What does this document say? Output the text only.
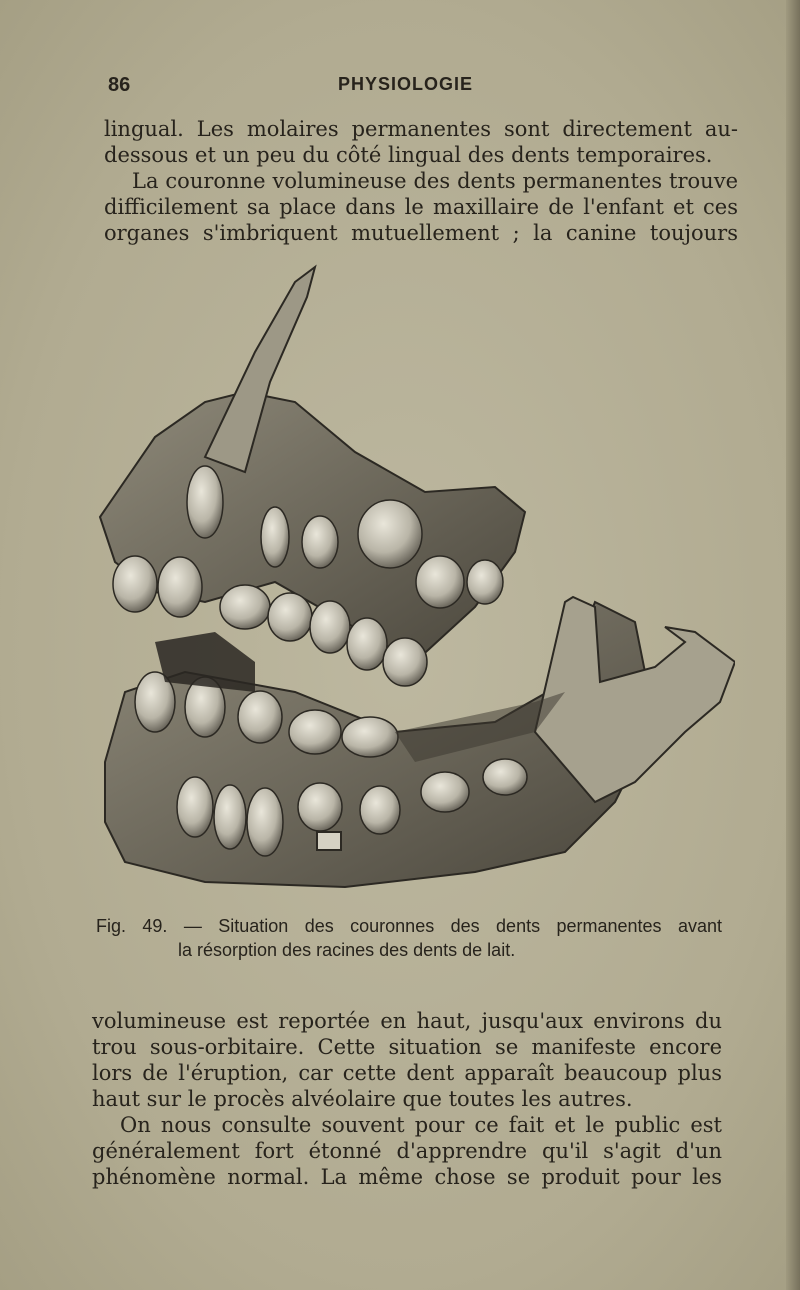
86	PHYSIOLOGIE

lingual. Les molaires permanentes sont directement au-

dessous et un peu du côté lingual des dents temporaires.

La couronne volumineuse des dents permanentes trouve

difficilement sa place dans le maxillaire de l'enfant et ces

organes s'imbriquent mutuellement ; la canine toujours

Fig. 49. — Situation des couronnes des dents permanentes avant
la résorption des racines des dents de lait.

volumineuse est reportée en haut, jusqu'aux environs du

trou sous-orbitaire. Cette situation se manifeste encore

lors de l'éruption, car cette dent apparaît beaucoup plus

haut sur le procès alvéolaire que toutes les autres.

On nous consulte souvent pour ce fait et le public est

généralement fort étonné d'apprendre qu'il s'agit d'un

phénomène normal. La même chose se produit pour les
